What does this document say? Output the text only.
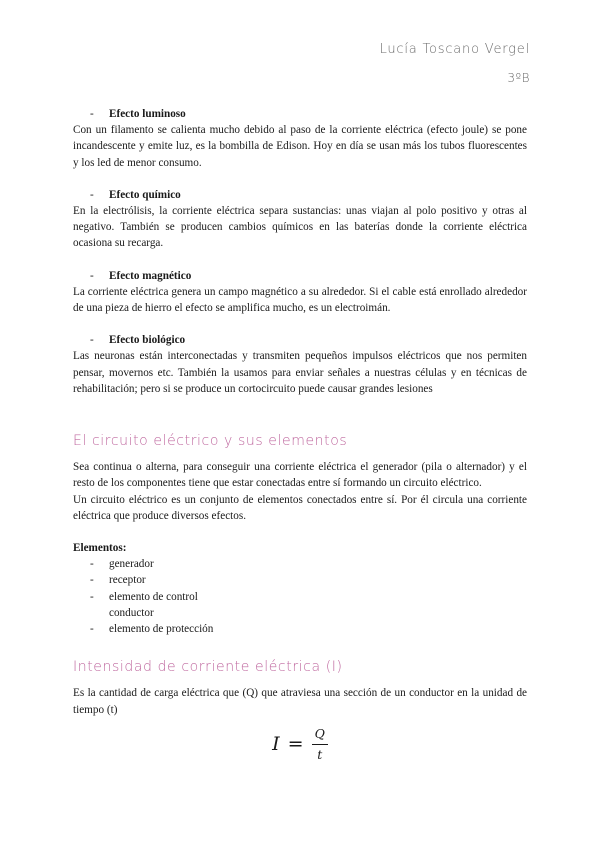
Lucía Toscano Vergel
3ºB

- Efecto luminoso

Con un filamento se calienta mucho debido al paso de la corriente eléctrica (efecto joule) se pone incandescente y emite luz, es la bombilla de Edison. Hoy en día se usan más los tubos fluorescentes y los led de menor consumo.

- Efecto químico

En la electrólisis, la corriente eléctrica separa sustancias: unas viajan al polo positivo y otras al negativo. También se producen cambios químicos en las baterías donde la corriente eléctrica ocasiona su recarga.

- Efecto magnético

La corriente eléctrica genera un campo magnético a su alrededor. Si el cable está enrollado alrededor de una pieza de hierro el efecto se amplifica mucho, es un electroimán.

- Efecto biológico

Las neuronas están interconectadas y transmiten pequeños impulsos eléctricos que nos permiten pensar, movernos etc. También la usamos para enviar señales a nuestras células y en técnicas de rehabilitación; pero si se produce un cortocircuito puede causar grandes lesiones

El circuito eléctrico y sus elementos

Sea continua o alterna, para conseguir una corriente eléctrica el generador (pila o alternador) y el resto de los componentes tiene que estar conectadas entre sí formando un circuito eléctrico.

Un circuito eléctrico es un conjunto de elementos conectados entre sí. Por él circula una corriente eléctrica que produce diversos efectos.

Elementos:

- generador
- receptor
- elemento de control
conductor
- elemento de protección
Intensidad de corriente eléctrica (I)

Es la cantidad de carga eléctrica que (Q) que atraviesa una sección de un conductor en la unidad de tiempo (t)

$I = \frac{Q}{t}$
